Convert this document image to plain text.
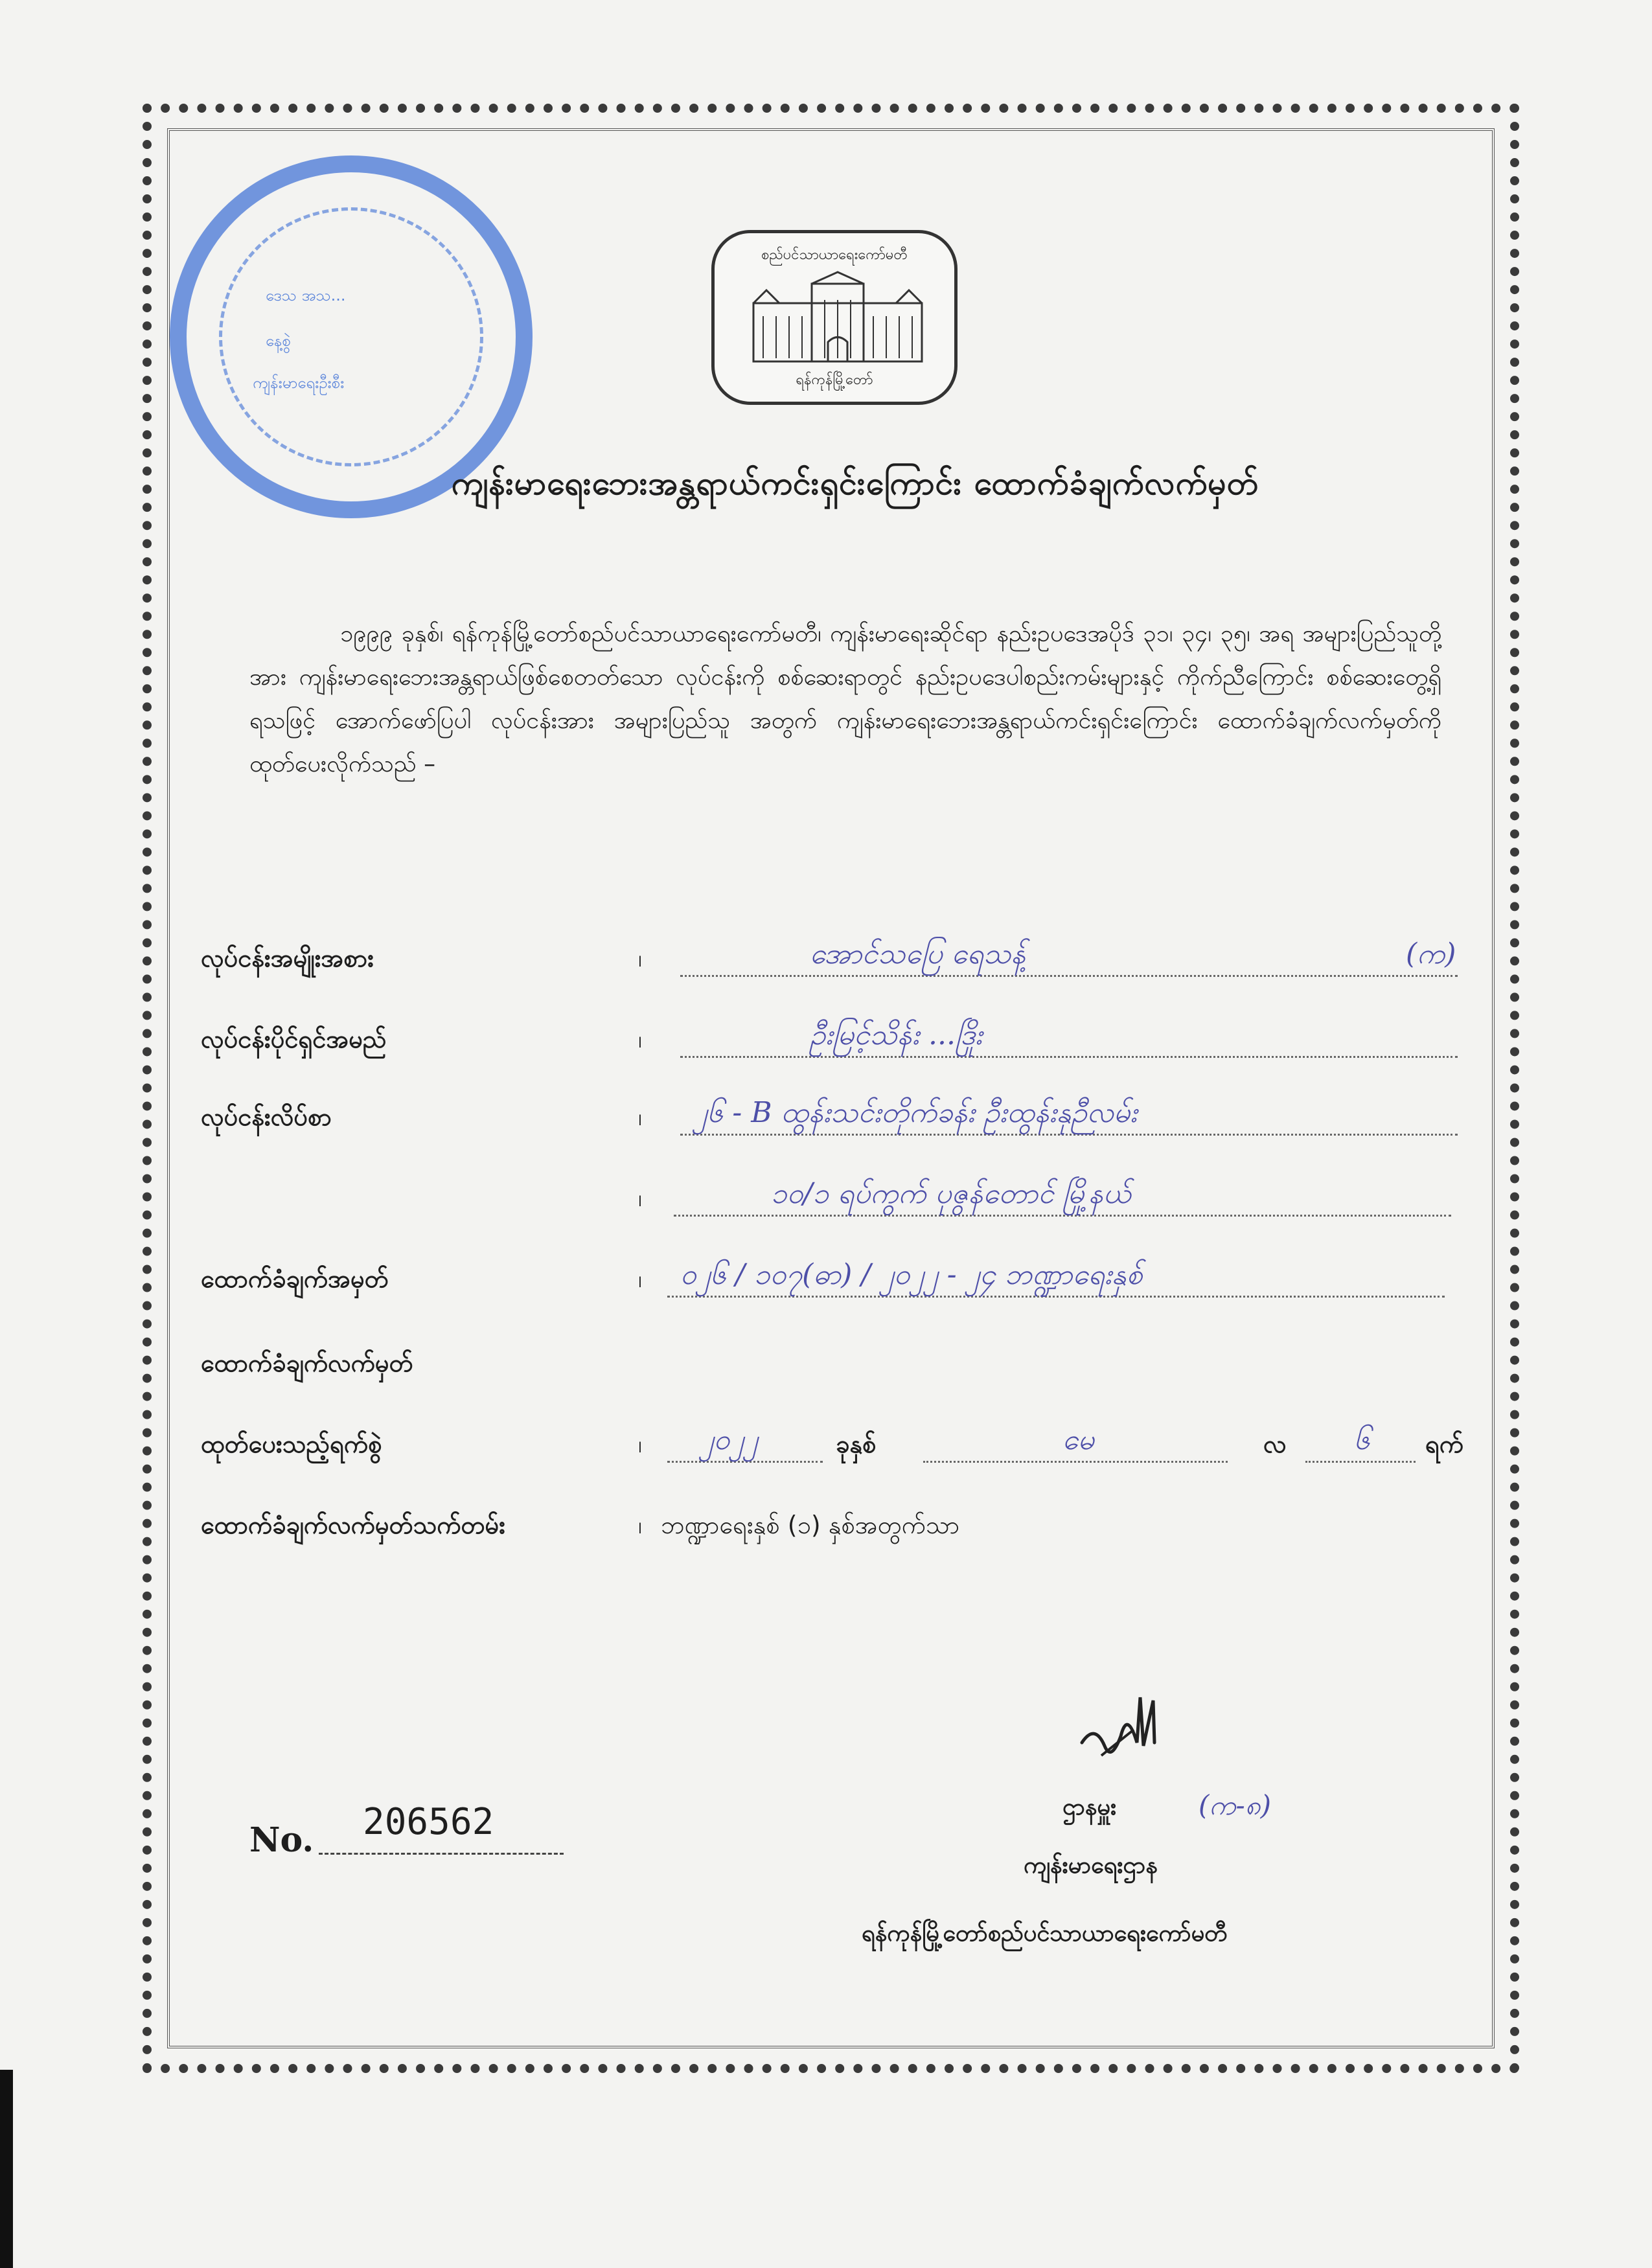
ဒေသ အသ...
နေ့စွဲ
ကျန်းမာရေးဦးစီး
စည်ပင်သာယာရေးကော်မတီ
ရန်ကုန်မြို့တော်
ကျန်းမာရေးဘေးအန္တရာယ်ကင်းရှင်းကြောင်း ထောက်ခံချက်လက်မှတ်
၁၉၉၉ ခုနှစ်၊ ရန်ကုန်မြို့တော်စည်ပင်သာယာရေးကော်မတီ၊ ကျန်းမာရေးဆိုင်ရာ နည်းဥပဒေအပိုဒ် ၃၁၊ ၃၄၊ ၃၅၊ အရ အများပြည်သူတို့အား ကျန်းမာရေးဘေးအန္တရာယ်ဖြစ်စေတတ်သော လုပ်ငန်းကို စစ်ဆေးရာတွင် နည်းဥပဒေပါစည်းကမ်းများနှင့် ကိုက်ညီကြောင်း စစ်ဆေးတွေ့ရှိရသဖြင့် အောက်ဖော်ပြပါ လုပ်ငန်းအား အများပြည်သူ အတွက် ကျန်းမာရေးဘေးအန္တရာယ်ကင်းရှင်းကြောင်း ထောက်ခံချက်လက်မှတ်ကို ထုတ်ပေးလိုက်သည် –
လုပ်ငန်းအမျိုးအစား	၊	အောင်သပြေ ရေသန့်	(က)
လုပ်ငန်းပိုင်ရှင်အမည်	၊	ဦးမြင့်သိန်း ...ဒြိုး
လုပ်ငန်းလိပ်စာ	၊ ၂၆ - B ထွန်းသင်းတိုက်ခန်း ဦးထွန်းနုဉီလမ်း
၊	၁၀/၁ ရပ်ကွက် ပုဇွန်တောင် မြို့နယ်
ထောက်ခံချက်အမှတ်	၊ ၀၂၆ / ၁၀၇(ဓာ) / ၂၀၂၂ - ၂၄ ဘဏ္ဍာရေးနှစ်
ထောက်ခံချက်လက်မှတ်
ထုတ်ပေးသည့်ရက်စွဲ	၊ ၂၀၂၂	ခုနှစ်	မေ	လ ၆ ရက်
ထောက်ခံချက်လက်မှတ်သက်တမ်း	၊ ဘဏ္ဍာရေးနှစ် (၁) နှစ်အတွက်သာ
No. 206562	ဌာနမှူး	(က-၈)
ကျန်းမာရေးဌာန
ရန်ကုန်မြို့တော်စည်ပင်သာယာရေးကော်မတီ
